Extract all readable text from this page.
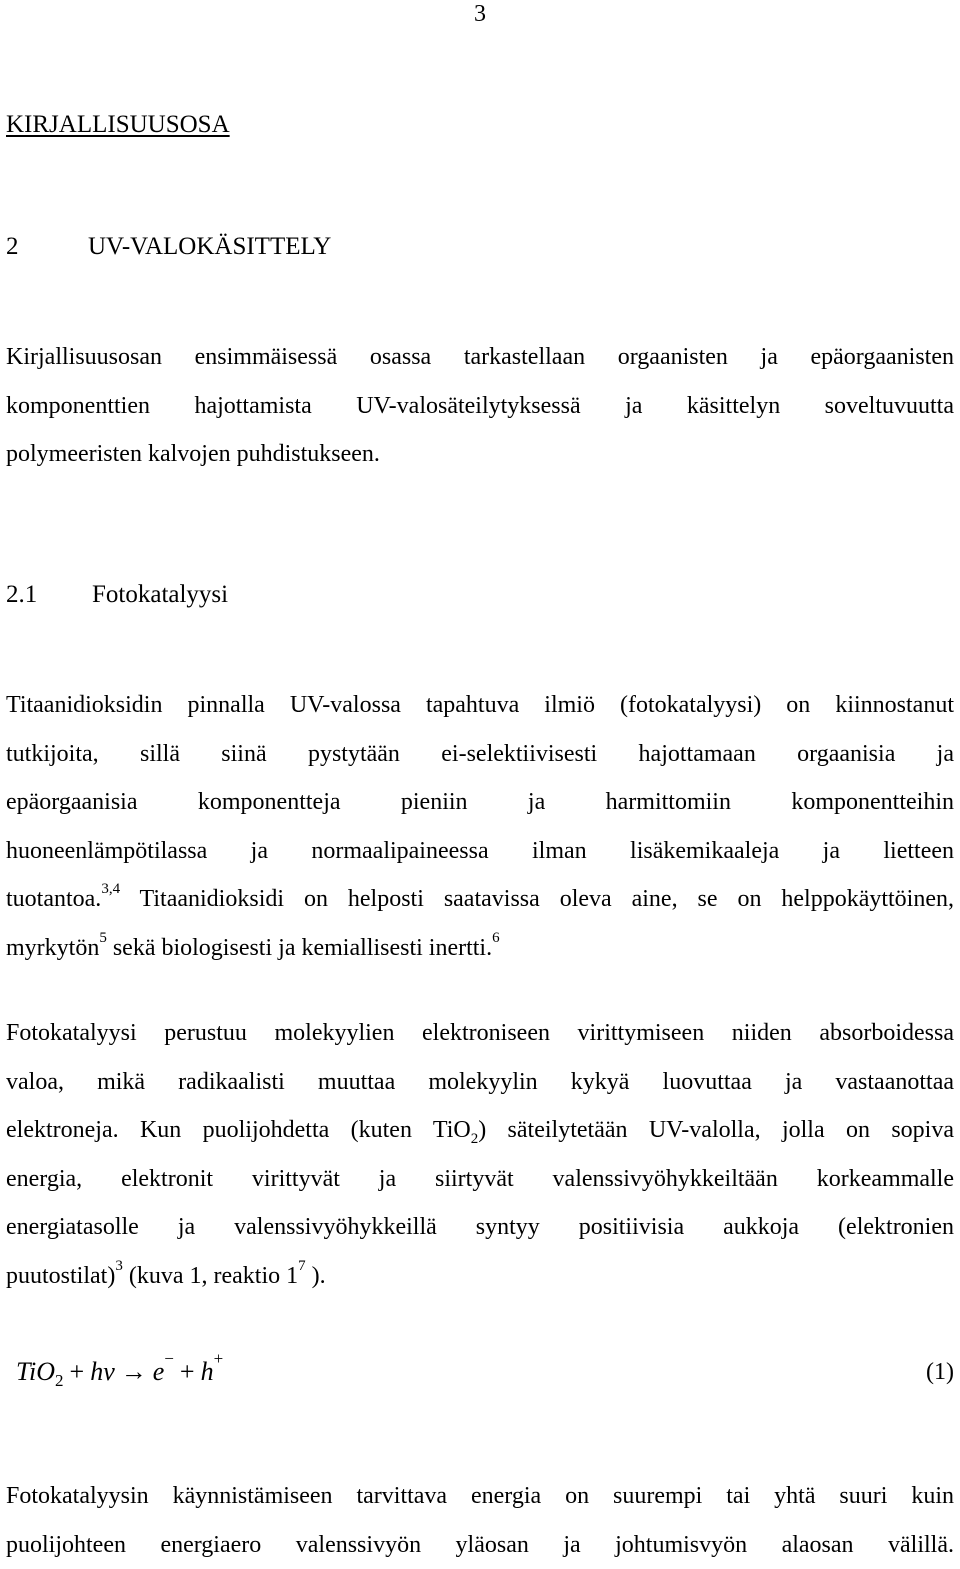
3
KIRJALLISUUSOSA
2	UV-VALOKÄSITTELY
Kirjallisuusosan ensimmäisessä osassa tarkastellaan orgaanisten ja epäorgaanisten
komponenttien hajottamista UV-valosäteilytyksessä ja käsittelyn soveltuvuutta
polymeeristen kalvojen puhdistukseen.
2.1 Fotokatalyysi
Titaanidioksidin pinnalla UV-valossa tapahtuva ilmiö (fotokatalyysi) on kiinnostanut
tutkijoita, sillä siinä pystytään ei-selektiivisesti hajottamaan orgaanisia ja
epäorgaanisia komponentteja pieniin ja harmittomiin komponentteihin
huoneenlämpötilassa ja normaalipaineessa ilman lisäkemikaaleja ja lietteen
tuotantoa.$^{3,4}$ Titaanidioksidi on helposti saatavissa oleva aine, se on helppokäyttöinen,
myrkytön$^5$ sekä biologisesti ja kemiallisesti inertti.$^6$
Fotokatalyysi perustuu molekyylien elektroniseen virittymiseen niiden absorboidessa
valoa, mikä radikaalisti muuttaa molekyylin kykyä luovuttaa ja vastaanottaa
elektroneja. Kun puolijohdetta (kuten TiO$_2$) säteilytetään UV-valolla, jolla on sopiva
energia, elektronit virittyvät ja siirtyvät valenssivyöhykkeiltään korkeammalle
energiatasolle ja valenssivyöhykkeillä syntyy positiivisia aukkoja (elektronien
puutostilat)$^3$ (kuva 1, reaktio $1^7$ ).
TiO$_2$ + hv → e− + h+
(1)
Fotokatalyysin käynnistämiseen tarvittava energia on suurempi tai yhtä suuri kuin
puolijohteen energiaero valenssivyön yläosan ja johtumisvyön alaosan välillä.
